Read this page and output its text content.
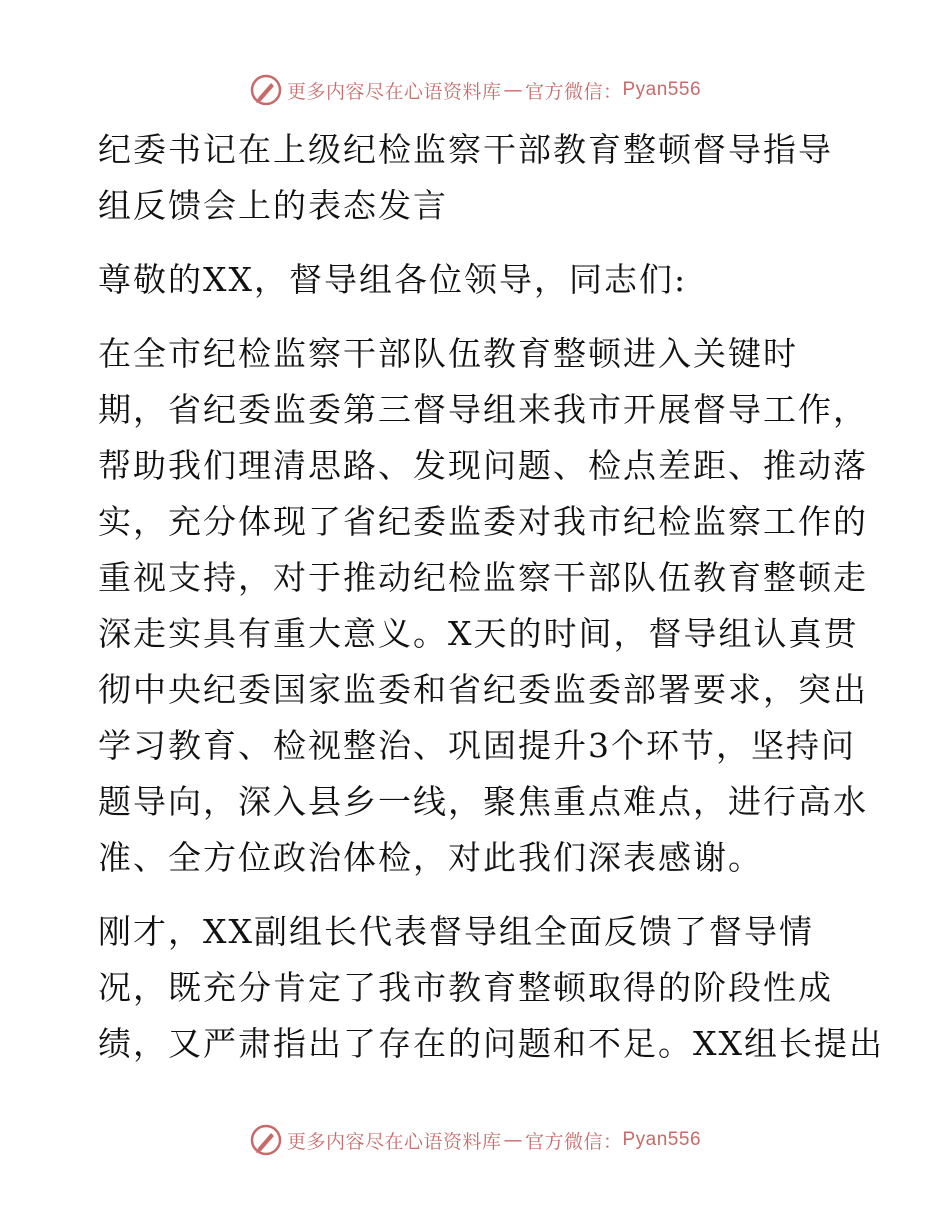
更多内容尽在心语资料库 — 官方微信： Pyan556
纪委书记在上级纪检监察干部教育整顿督导指导
组反馈会上的表态发言
尊敬的XX，督导组各位领导，同志们:
在全市纪检监察干部队伍教育整顿进入关键时
期，省纪委监委第三督导组来我市开展督导工作，
帮助我们理清思路、发现问题、检点差距、推动落
实，充分体现了省纪委监委对我市纪检监察工作的
重视支持，对于推动纪检监察干部队伍教育整顿走
深走实具有重大意义。X天的时间，督导组认真贯
彻中央纪委国家监委和省纪委监委部署要求，突出
学习教育、检视整治、巩固提升3个环节，坚持问
题导向，深入县乡一线，聚焦重点难点，进行高水
准、全方位政治体检，对此我们深表感谢。
刚才，XX副组长代表督导组全面反馈了督导情
况，既充分肯定了我市教育整顿取得的阶段性成
绩，又严肃指出了存在的问题和不足。XX组长提出
更多内容尽在心语资料库 — 官方微信： Pyan556
